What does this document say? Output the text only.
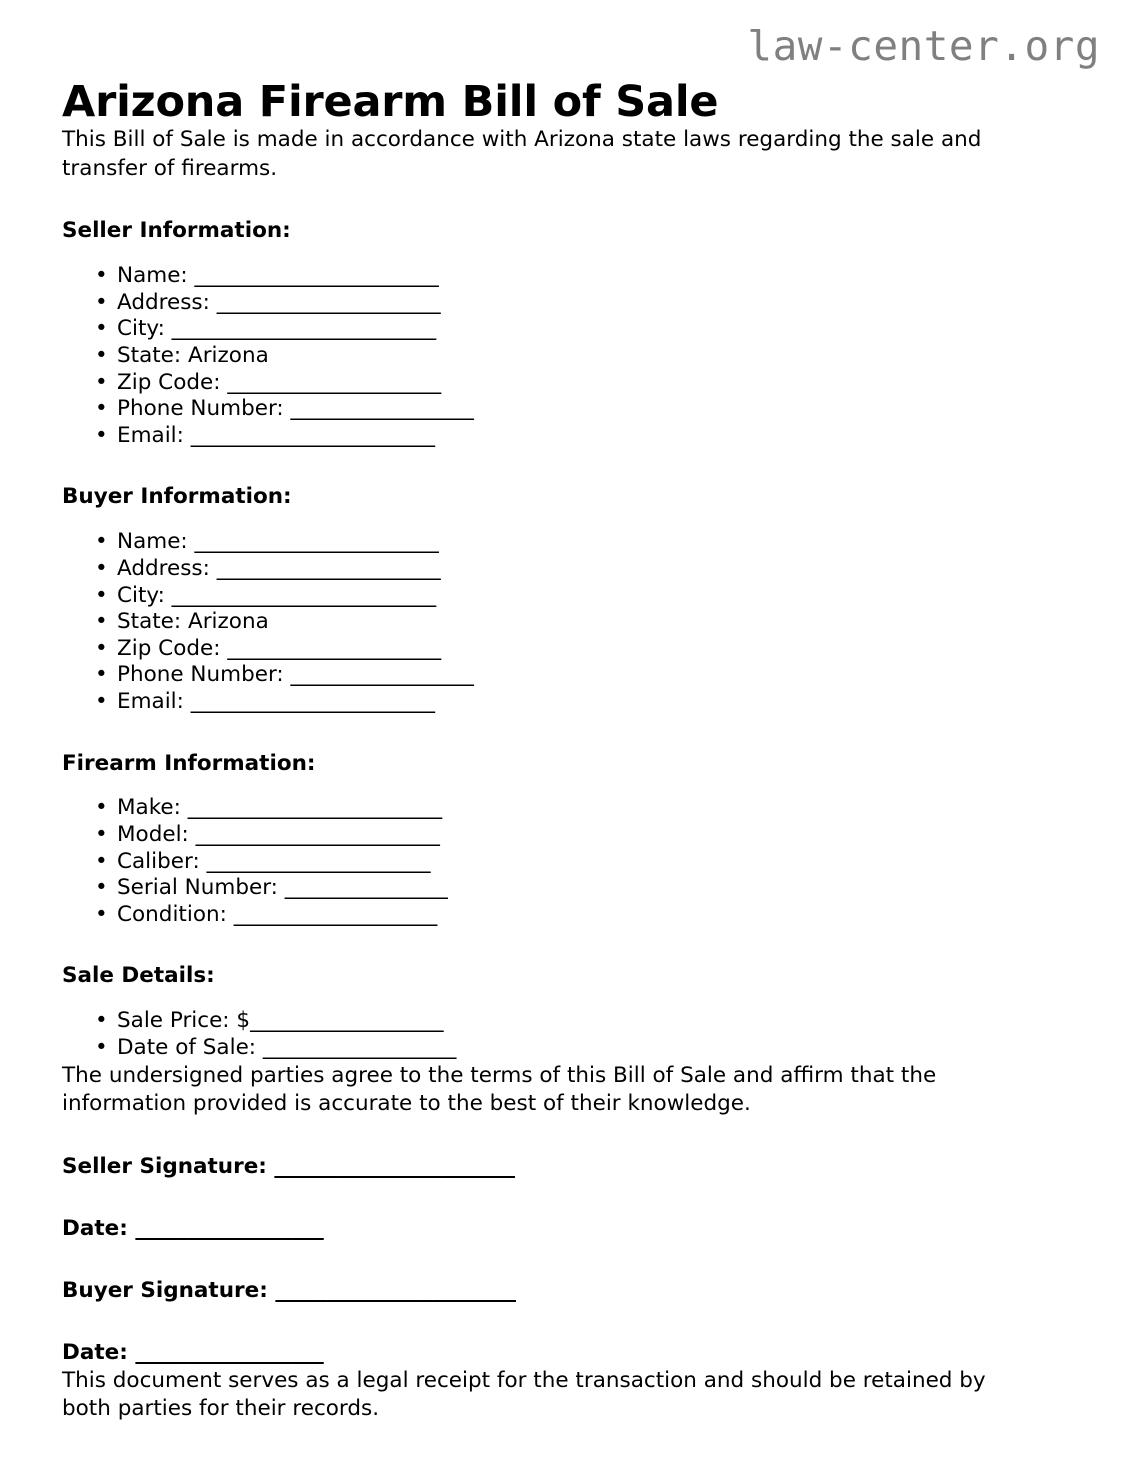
law-center.org
Arizona Firearm Bill of Sale

This Bill of Sale is made in accordance with Arizona state laws regarding the sale and transfer of firearms.

Seller Information:
• Name: ________________________
• Address: ______________________
• City: __________________________
• State: Arizona
• Zip Code: _____________________
• Phone Number: __________________
• Email: ________________________
Buyer Information:
• Name: ________________________
• Address: ______________________
• City: __________________________
• State: Arizona
• Zip Code: _____________________
• Phone Number: __________________
• Email: ________________________
Firearm Information:
• Make: _________________________
• Model: ________________________
• Caliber: ______________________
• Serial Number: ________________
• Condition: ____________________
Sale Details:
• Sale Price: $___________________
• Date of Sale: ___________________

The undersigned parties agree to the terms of this Bill of Sale and affirm that the information provided is accurate to the best of their knowledge.

Seller Signature: _______________________

Date: __________________

Buyer Signature: _______________________

Date: __________________

This document serves as a legal receipt for the transaction and should be retained by both parties for their records.
